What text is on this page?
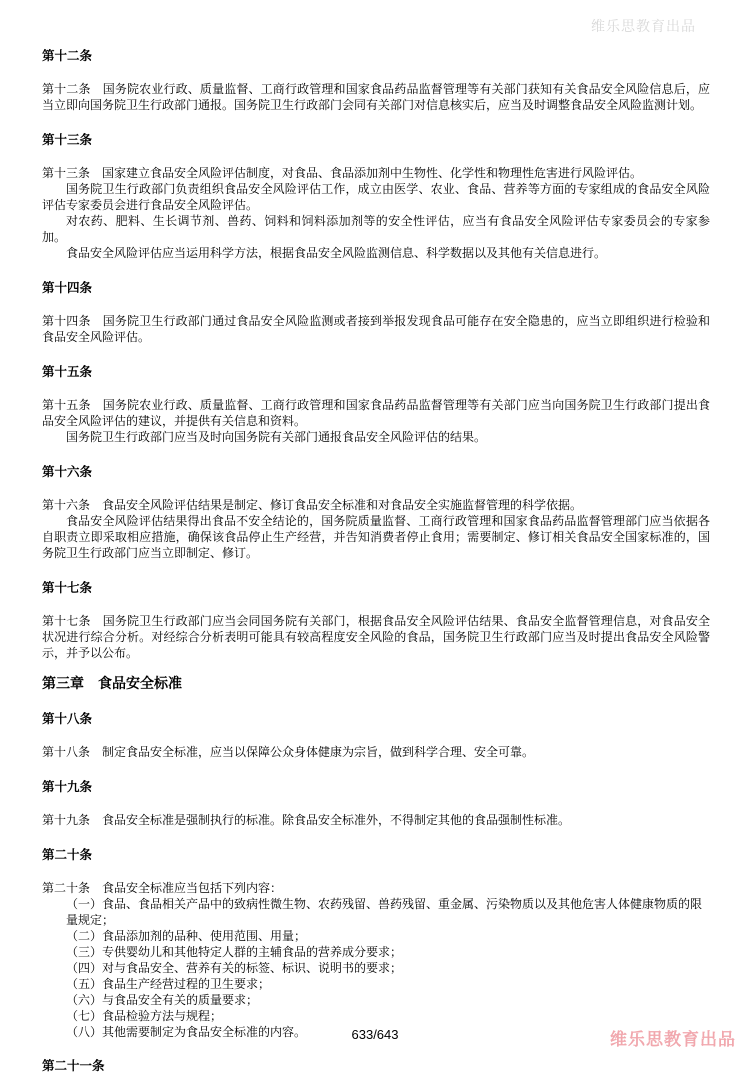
维乐思教育出品
第十二条

第十二条　国务院农业行政、质量监督、工商行政管理和国家食品药品监督管理等有关部门获知有关食品安全风险信息后，应当立即向国务院卫生行政部门通报。国务院卫生行政部门会同有关部门对信息核实后，应当及时调整食品安全风险监测计划。

第十三条

第十三条　国家建立食品安全风险评估制度，对食品、食品添加剂中生物性、化学性和物理性危害进行风险评估。

国务院卫生行政部门负责组织食品安全风险评估工作，成立由医学、农业、食品、营养等方面的专家组成的食品安全风险评估专家委员会进行食品安全风险评估。

对农药、肥料、生长调节剂、兽药、饲料和饲料添加剂等的安全性评估，应当有食品安全风险评估专家委员会的专家参加。

食品安全风险评估应当运用科学方法，根据食品安全风险监测信息、科学数据以及其他有关信息进行。

第十四条

第十四条　国务院卫生行政部门通过食品安全风险监测或者接到举报发现食品可能存在安全隐患的，应当立即组织进行检验和食品安全风险评估。

第十五条

第十五条　国务院农业行政、质量监督、工商行政管理和国家食品药品监督管理等有关部门应当向国务院卫生行政部门提出食品安全风险评估的建议，并提供有关信息和资料。

国务院卫生行政部门应当及时向国务院有关部门通报食品安全风险评估的结果。

第十六条

第十六条　食品安全风险评估结果是制定、修订食品安全标准和对食品安全实施监督管理的科学依据。

食品安全风险评估结果得出食品不安全结论的，国务院质量监督、工商行政管理和国家食品药品监督管理部门应当依据各自职责立即采取相应措施，确保该食品停止生产经营，并告知消费者停止食用；需要制定、修订相关食品安全国家标准的，国务院卫生行政部门应当立即制定、修订。

第十七条

第十七条　国务院卫生行政部门应当会同国务院有关部门，根据食品安全风险评估结果、食品安全监督管理信息，对食品安全状况进行综合分析。对经综合分析表明可能具有较高程度安全风险的食品，国务院卫生行政部门应当及时提出食品安全风险警示，并予以公布。

第三章　食品安全标准
第十八条

第十八条　制定食品安全标准，应当以保障公众身体健康为宗旨，做到科学合理、安全可靠。

第十九条

第十九条　食品安全标准是强制执行的标准。除食品安全标准外，不得制定其他的食品强制性标准。

第二十条

第二十条　食品安全标准应当包括下列内容：

（一）食品、食品相关产品中的致病性微生物、农药残留、兽药残留、重金属、污染物质以及其他危害人体健康物质的限量规定；

（二）食品添加剂的品种、使用范围、用量；

（三）专供婴幼儿和其他特定人群的主辅食品的营养成分要求；

（四）对与食品安全、营养有关的标签、标识、说明书的要求；

（五）食品生产经营过程的卫生要求；

（六）与食品安全有关的质量要求；

（七）食品检验方法与规程；

（八）其他需要制定为食品安全标准的内容。

第二十一条
633/643	维乐思教育出品
